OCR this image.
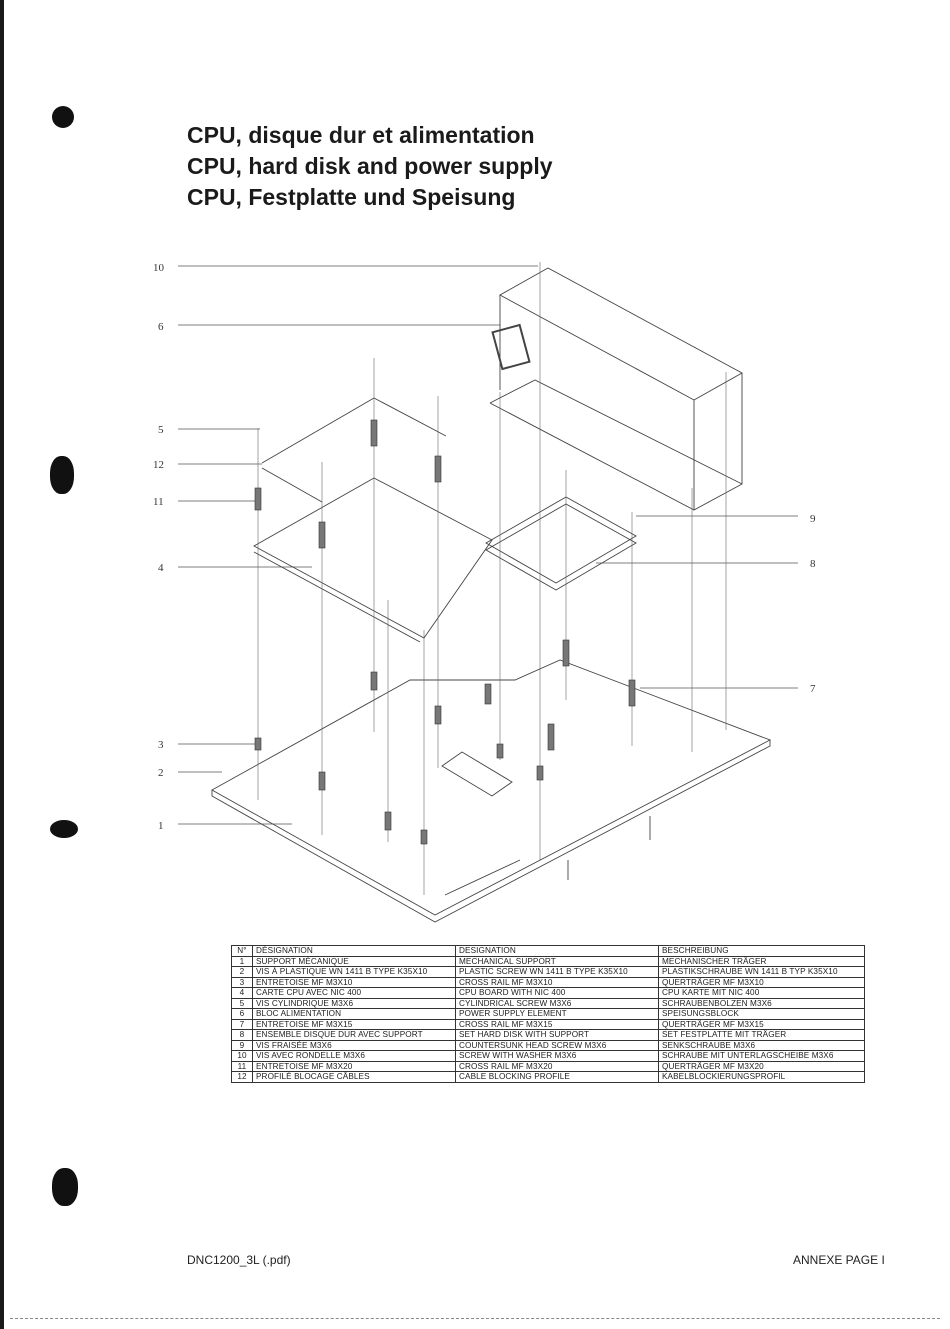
CPU, disque dur et alimentation
CPU, hard disk and power supply
CPU, Festplatte und Speisung
10
6
5
12
11
4
3
2
1
9
8
7
N°	DÉSIGNATION	DESIGNATION	BESCHREIBUNG
1	SUPPORT MÉCANIQUE	MECHANICAL SUPPORT	MECHANISCHER TRÄGER
2	VIS À PLASTIQUE WN 1411 B TYPE K35X10	PLASTIC SCREW WN 1411 B TYPE K35X10	PLASTIKSCHRAUBE WN 1411 B TYP K35X10
3	ENTRETOISE MF M3X10	CROSS RAIL MF M3X10	QUERTRÄGER MF M3X10
4	CARTE CPU AVEC NIC 400	CPU BOARD WITH NIC 400	CPU KARTE MIT NIC 400
5	VIS CYLINDRIQUE M3X6	CYLINDRICAL SCREW M3X6	SCHRAUBENBOLZEN M3X6
6	BLOC ALIMENTATION	POWER SUPPLY ELEMENT	SPEISUNGSBLOCK
7	ENTRETOISE MF M3X15	CROSS RAIL MF M3X15	QUERTRÄGER MF M3X15
8	ENSEMBLE DISQUE DUR AVEC SUPPORT	SET HARD DISK WITH SUPPORT	SET FESTPLATTE MIT TRÄGER
9	VIS FRAISÉE M3X6	COUNTERSUNK HEAD SCREW M3X6	SENKSCHRAUBE M3X6
10	VIS AVEC RONDELLE M3X6	SCREW WITH WASHER M3X6	SCHRAUBE MIT UNTERLAGSCHEIBE M3X6
11	ENTRETOISE MF M3X20	CROSS RAIL MF M3X20	QUERTRÄGER MF M3X20
12	PROFILÉ BLOCAGE CÂBLES	CABLE BLOCKING PROFILE	KABELBLOCKIERUNGSPROFIL
DNC1200_3L (.pdf)	ANNEXE PAGE I
